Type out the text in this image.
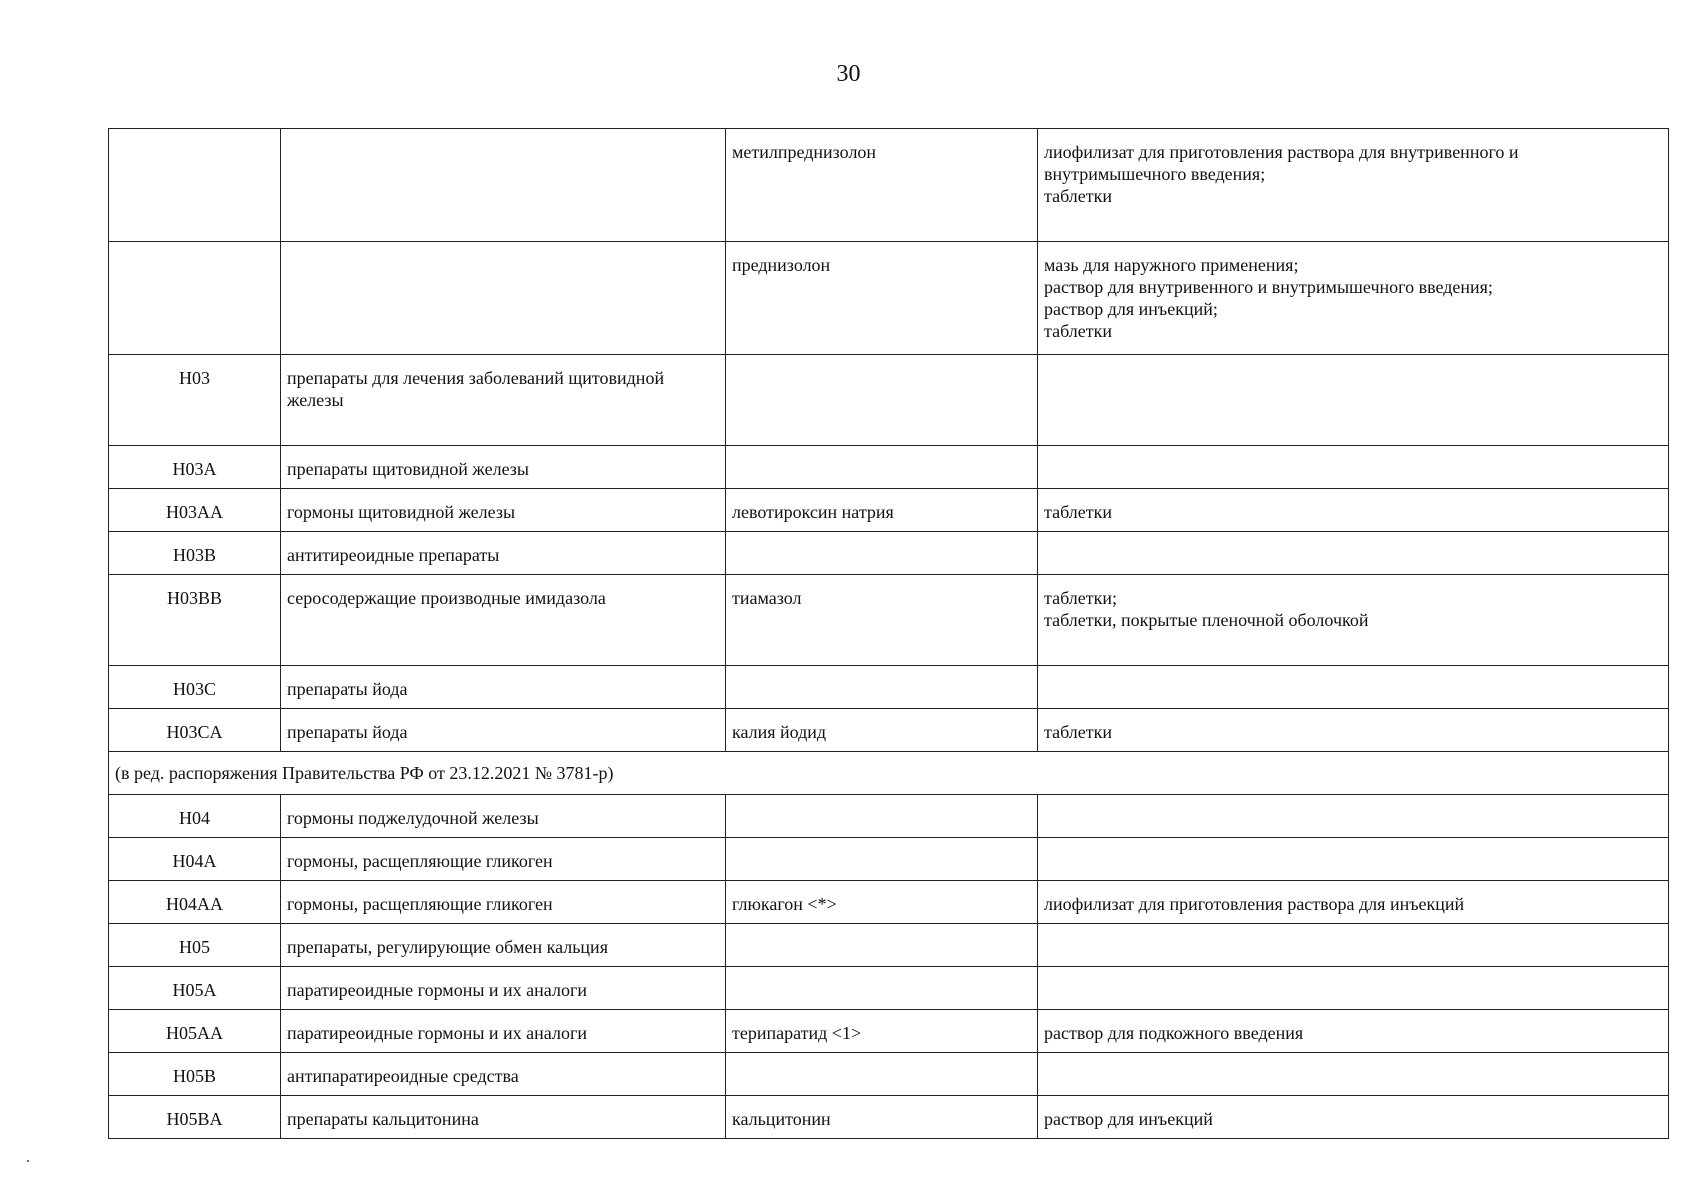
30
		метилпреднизолон	лиофилизат для приготовления раствора для внутривенного и
внутримышечного введения;
таблетки
		преднизолон	мазь для наружного применения;
раствор для внутривенного и внутримышечного введения;
раствор для инъекций;
таблетки
H03	препараты для лечения заболеваний щитовидной железы		
H03A	препараты щитовидной железы		
H03AA	гормоны щитовидной железы	левотироксин натрия	таблетки
H03B	антитиреоидные препараты		
H03BB	серосодержащие производные имидазола	тиамазол	таблетки;
таблетки, покрытые пленочной оболочкой
H03C	препараты йода		
H03CA	препараты йода	калия йодид	таблетки
(в ред. распоряжения Правительства РФ от 23.12.2021 № 3781-р)			
H04	гормоны поджелудочной железы		
H04A	гормоны, расщепляющие гликоген		
H04AA	гормоны, расщепляющие гликоген	глюкагон <*>	лиофилизат для приготовления раствора для инъекций
H05	препараты, регулирующие обмен кальция		
H05A	паратиреоидные гормоны и их аналоги		
H05AA	паратиреоидные гормоны и их аналоги	терипаратид <1>	раствор для подкожного введения
H05B	антипаратиреоидные средства		
H05BA	препараты кальцитонина	кальцитонин	раствор для инъекций
